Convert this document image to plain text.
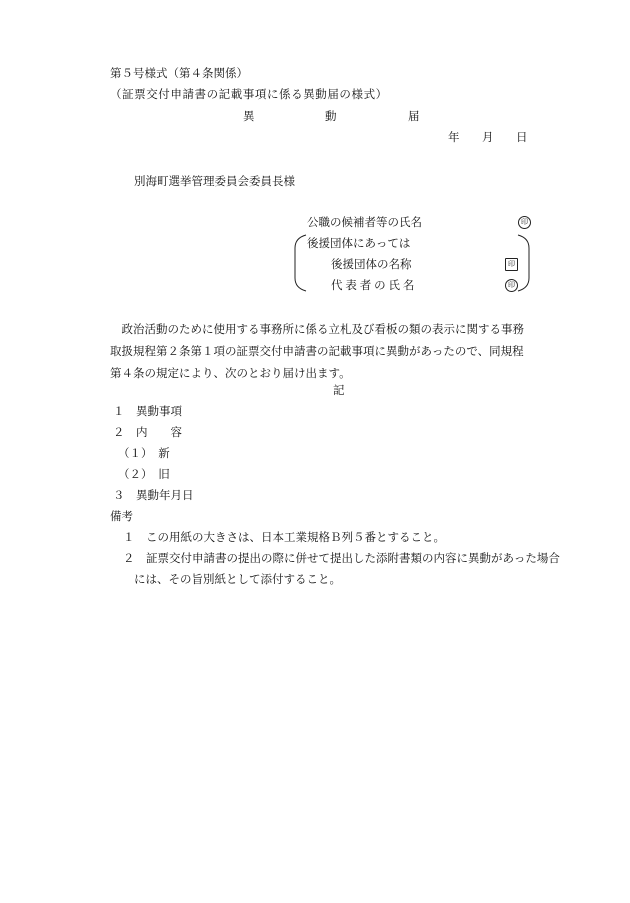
第５号様式（第４条関係）
（証票交付申請書の記載事項に係る異動届の様式）
異	動	届
年 月 日
別海町選挙管理委員会委員長様
公職の候補者等の氏名	印
後援団体にあっては
後援団体の名称	印
代表者の氏名	印
政治活動のために使用する事務所に係る立札及び看板の類の表示に関する事務取扱規程第２条第１項の証票交付申請書の記載事項に異動があったので、同規程第４条の規定により、次のとおり届け出ます。
記
１　異動事項
２　内　　容
（１）　新
（２）　旧
３　異動年月日
備考
１　この用紙の大きさは、日本工業規格Ｂ列５番とすること。
２　証票交付申請書の提出の際に併せて提出した添附書類の内容に異動があった場合
には、その旨別紙として添付すること。
